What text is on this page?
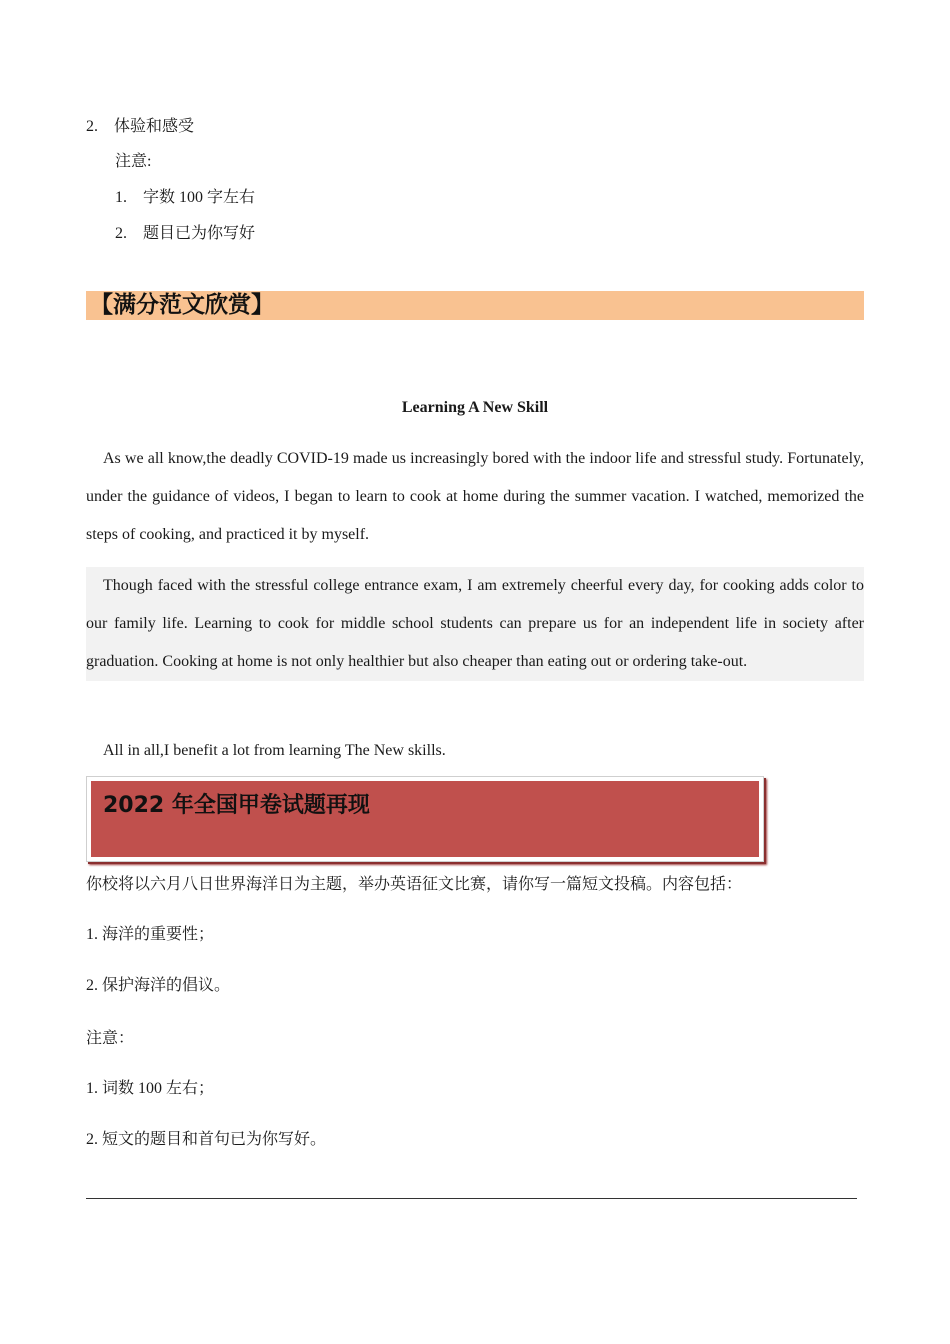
2. 体验和感受
注意:
1. 字数 100 字左右
2. 题目已为你写好
【满分范文欣赏】
Learning A New Skill
As we all know,the deadly COVID-19 made us increasingly bored with the indoor life and stressful study. Fortunately, under the guidance of videos, I began to learn to cook at home during the summer vacation. I watched, memorized the steps of cooking, and practiced it by myself.
Though faced with the stressful college entrance exam, I am extremely cheerful every day, for cooking adds color to our family life. Learning to cook for middle school students can prepare us for an independent life in society after graduation. Cooking at home is not only healthier but also cheaper than eating out or ordering take-out.
All in all,I benefit a lot from learning The New skills.
2022 年全国甲卷试题再现
你校将以六月八日世界海洋日为主题，举办英语征文比赛，请你写一篇短文投稿。内容包括：
1. 海洋的重要性；
2. 保护海洋的倡议。
注意：
1. 词数 100 左右；
2. 短文的题目和首句已为你写好。
